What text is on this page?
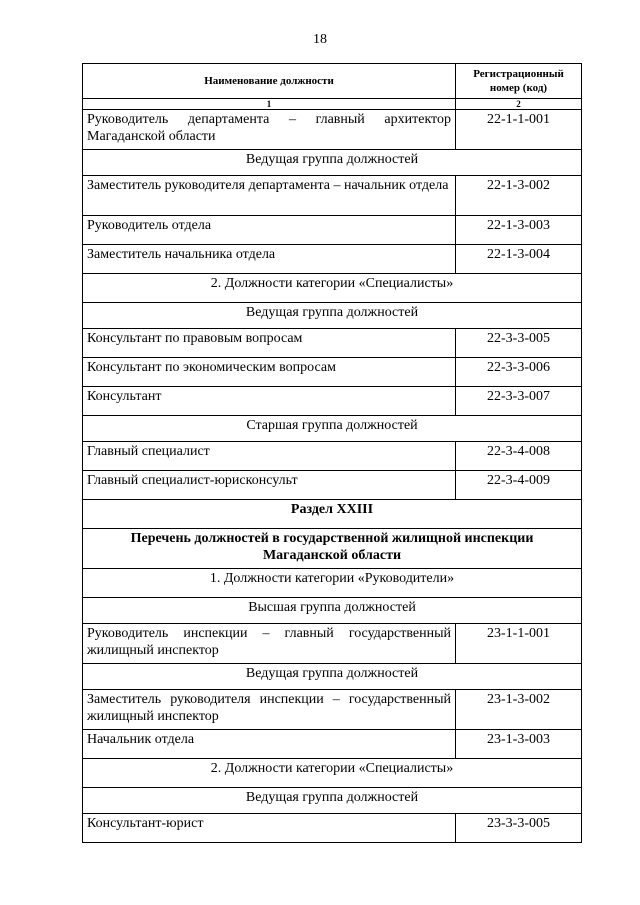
18
Наименование должности	Регистрационный номер (код)
1	2
Руководитель департамента – главный архитектор Магаданской области	22-1-1-001
Ведущая группа должностей	
Заместитель руководителя департамента – начальник отдела	22-1-3-002
Руководитель отдела	22-1-3-003
Заместитель начальника отдела	22-1-3-004
2. Должности категории «Специалисты»	
Ведущая группа должностей	
Консультант по правовым вопросам	22-3-3-005
Консультант по экономическим вопросам	22-3-3-006
Консультант	22-3-3-007
Старшая группа должностей	
Главный специалист	22-3-4-008
Главный специалист-юрисконсульт	22-3-4-009
Раздел XXIII	
Перечень должностей в государственной жилищной инспекции Магаданской области	
1. Должности категории «Руководители»	
Высшая группа должностей	
Руководитель инспекции – главный государственный жилищный инспектор	23-1-1-001
Ведущая группа должностей	
Заместитель руководителя инспекции – государственный жилищный инспектор	23-1-3-002
Начальник отдела	23-1-3-003
2. Должности категории «Специалисты»	
Ведущая группа должностей	
Консультант-юрист	23-3-3-005
